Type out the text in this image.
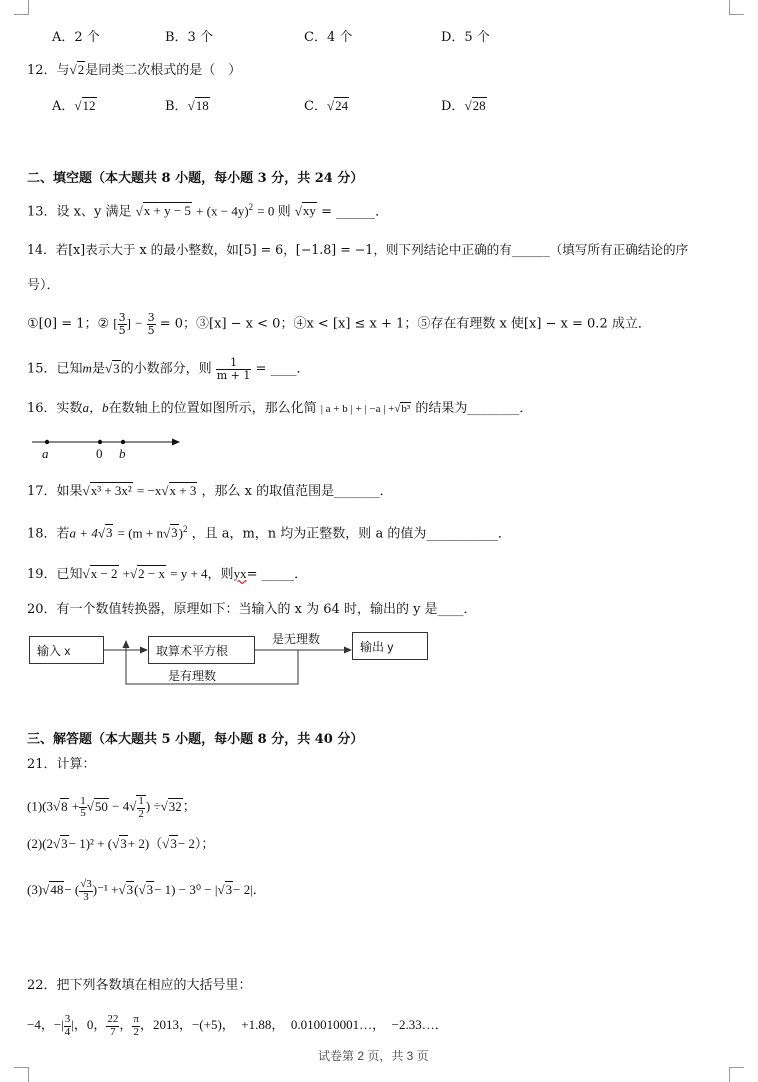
A．2 个	B．3 个	C．4 个	D．5 个
12．与√2是同类二次根式的是（　）
A．√12	B．√18	C．√24	D．√28
二、填空题（本大题共 8 小题，每小题 3 分，共 24 分）
13．设 x、y 满足 $√x + y - 5 + (x - 4y)^2 = 0$ 则 √xy = ______．
14．若[x]表示大于 x 的最小整数，如[5] = 6，[−1.8] = −1，则下列结论中正确的有______（填写所有正确结论的序
号）．
①[0] = 1；② [ $\frac{3}{5}$ ] − $\frac{3}{5} = 0$；③[x] − x < 0；④x < [x] ≤ x + 1；⑤存在有理数 x 使[x] − x = 0.2 成立．
15．已知m是√3的小数部分，则 $\frac{1}{m + 1}$ = ____．
16．实数a，b在数轴上的位置如图所示，那么化简 | a + b | + | −a | +√b³ 的结果为________．
a	0 b
17．如果√x³ + 3x² = −x√x + 3 ，那么 x 的取值范围是_______．
18．若$a + 4√3 = (m + n√3)^2$ ，且 a，m，n 均为正整数，则 a 的值为___________．
19．已知√x − 2 +√2 − x = y + 4，则yx= _____．
20．有一个数值转换器，原理如下：当输入的 x 为 64 时，输出的 y 是____．
输入 x	取算术平方根	输出 y
是无理数
是有理数
三、解答题（本大题共 5 小题，每小题 8 分，共 40 分）
21．计算：
$(1)(3√8 + \frac{1}{5} √50 - 4√ \frac{1}{2}$ ) ÷√32；
(2)(2√3− 1)² + (√3+ 2)（√3− 2）；
(3)√48− ( $\frac{√3}{3} )^{-1} +√3(√3- 1) - 3^0 - |√3- 2|$．
22．把下列各数填在相应的大括号里：
−4，−| $\frac{3}{4}$ |，0， $\frac{22}{7}$ ， $\frac{\pi}{2}$ ，2013，−(+5)，　+1.88，　0.010010001…，　−2.33…．
试卷第 2 页，共 3 页
